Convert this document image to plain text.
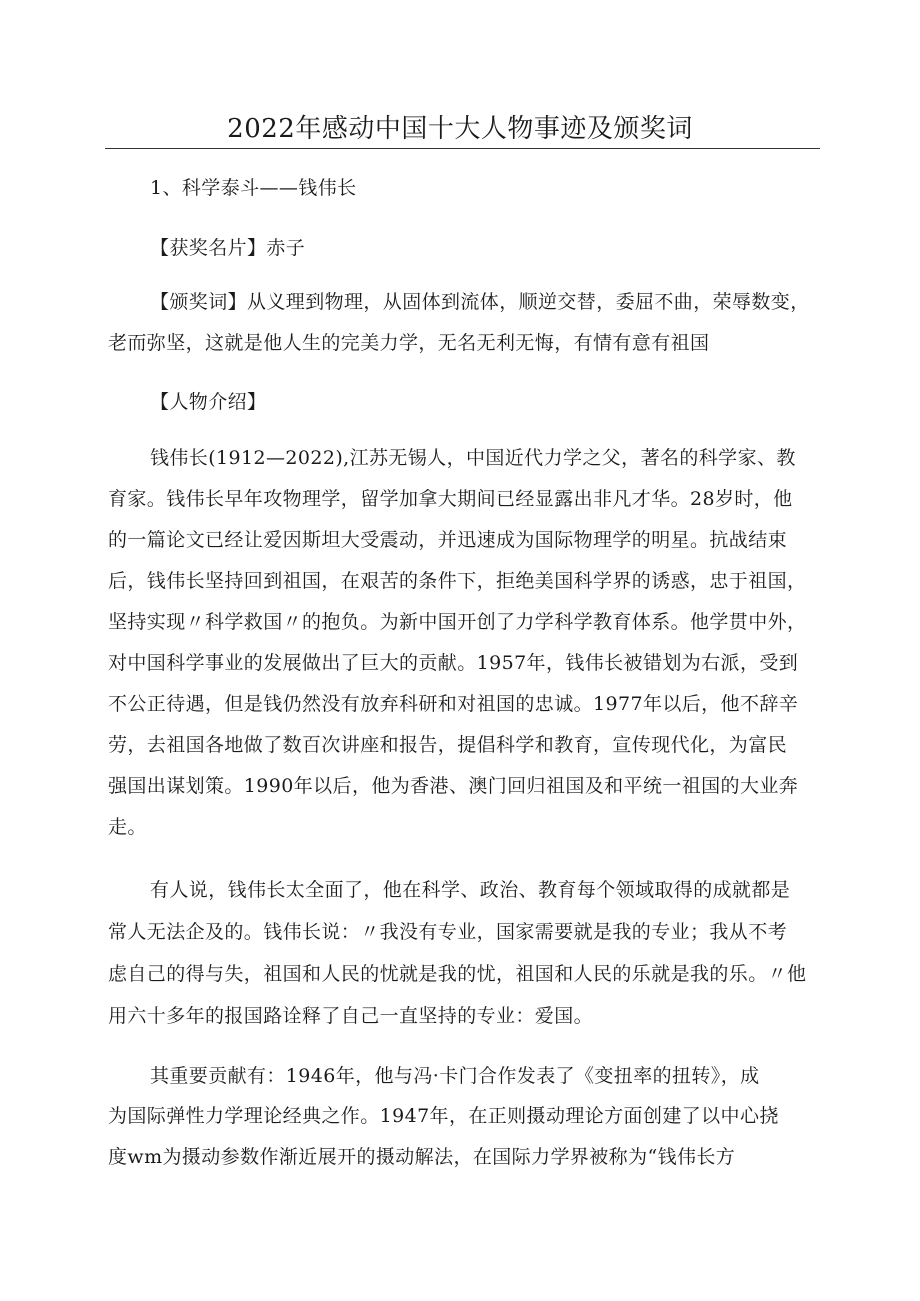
2022年感动中国十大人物事迹及颁奖词
1、科学泰斗——钱伟长
【获奖名片】赤子
【颁奖词】从义理到物理，从固体到流体，顺逆交替，委屈不曲，荣辱数变，
老而弥坚，这就是他人生的完美力学，无名无利无悔，有情有意有祖国
【人物介绍】
钱伟长(1912—2022),江苏无锡人，中国近代力学之父，著名的科学家、教
育家。钱伟长早年攻物理学，留学加拿大期间已经显露出非凡才华。28岁时，他
的一篇论文已经让爱因斯坦大受震动，并迅速成为国际物理学的明星。抗战结束
后，钱伟长坚持回到祖国，在艰苦的条件下，拒绝美国科学界的诱惑，忠于祖国，
坚持实现〃科学救国〃的抱负。为新中国开创了力学科学教育体系。他学贯中外，
对中国科学事业的发展做出了巨大的贡献。1957年，钱伟长被错划为右派，受到
不公正待遇，但是钱仍然没有放弃科研和对祖国的忠诚。1977年以后，他不辞辛
劳，去祖国各地做了数百次讲座和报告，提倡科学和教育，宣传现代化，为富民
强国出谋划策。1990年以后，他为香港、澳门回归祖国及和平统一祖国的大业奔
走。
有人说，钱伟长太全面了，他在科学、政治、教育每个领域取得的成就都是
常人无法企及的。钱伟长说：〃我没有专业，国家需要就是我的专业；我从不考
虑自己的得与失，祖国和人民的忧就是我的忧，祖国和人民的乐就是我的乐。〃他
用六十多年的报国路诠释了自己一直坚持的专业：爱国。
其重要贡献有：1946年，他与冯·卡门合作发表了《变扭率的扭转》，成
为国际弹性力学理论经典之作。1947年，在正则摄动理论方面创建了以中心挠
度wm为摄动参数作渐近展开的摄动解法，在国际力学界被称为“钱伟长方
